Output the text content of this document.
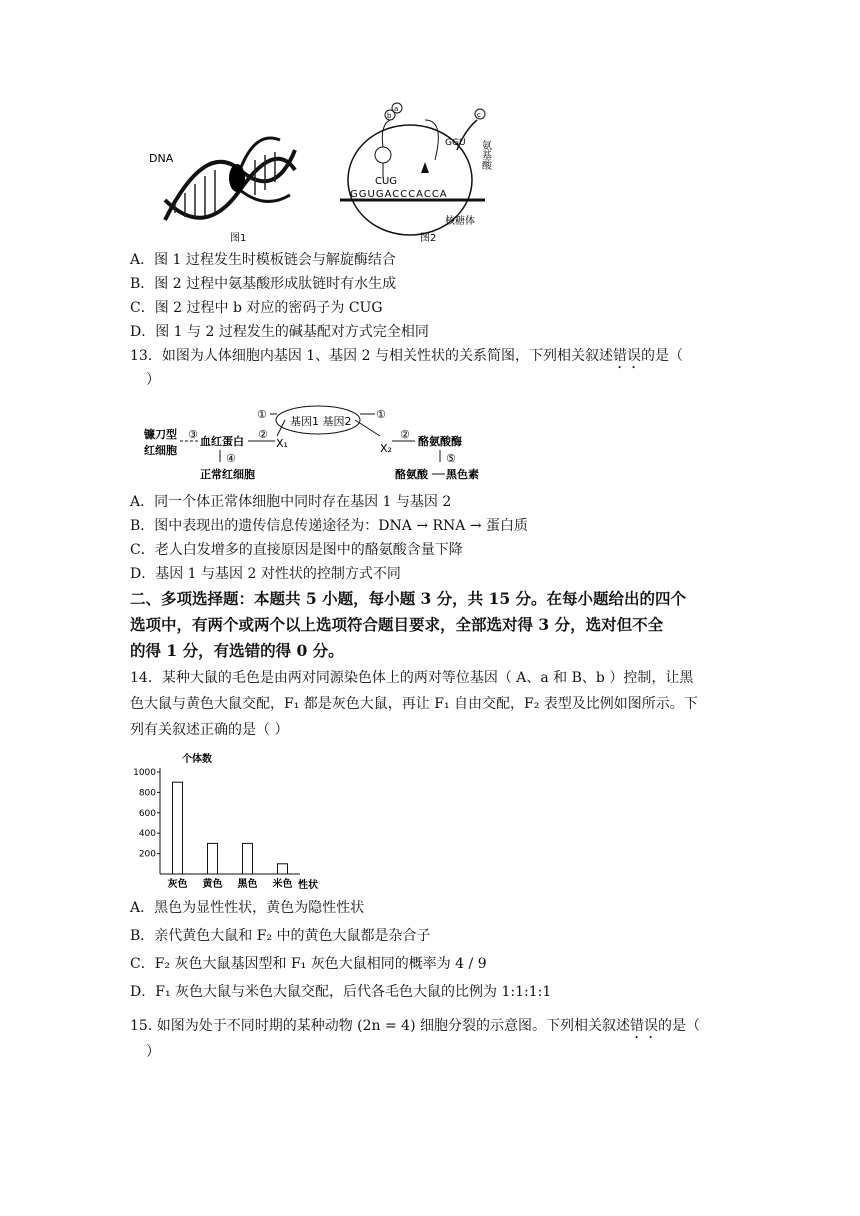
DNA
图1
a
b	c
CUG
GGUGACCCACCA
GGU 氨基酸
核糖体
图2
A．图 1 过程发生时模板链会与解旋酶结合
B．图 2 过程中氨基酸形成肽链时有水生成
C．图 2 过程中 b 对应的密码子为 CUG
D．图 1 与 2 过程发生的碱基配对方式完全相同
13．如图为人体细胞内基因 1、基因 2 与相关性状的关系简图，下列相关叙述错误的是（
）
基因1 基因2
①	①
X₁	X₂
②
血红蛋白
③
镰刀型
红细胞
④
正常红细胞
②
酪氨酸酶
⑤
酪氨酸 黑色素
A．同一个体正常体细胞中同时存在基因 1 与基因 2
B．图中表现出的遗传信息传递途径为：DNA → RNA → 蛋白质
C．老人白发增多的直接原因是图中的酪氨酸含量下降
D．基因 1 与基因 2 对性状的控制方式不同
二、多项选择题：本题共 5 小题，每小题 3 分，共 15 分。在每小题给出的四个
选项中，有两个或两个以上选项符合题目要求，全部选对得 3 分，选对但不全
的得 1 分，有选错的得 0 分。
14．某种大鼠的毛色是由两对同源染色体上的两对等位基因（ A、a 和 B、b ）控制，让黑
色大鼠与黄色大鼠交配，F₁ 都是灰色大鼠，再让 F₁ 自由交配，F₂ 表型及比例如图所示。下
列有关叙述正确的是（ ）
个体数
性状
200
400
600
800
1000
灰色 黄色 黑色 米色
A．黑色为显性性状，黄色为隐性性状
B．亲代黄色大鼠和 F₂ 中的黄色大鼠都是杂合子
C．F₂ 灰色大鼠基因型和 F₁ 灰色大鼠相同的概率为 4 / 9
D．F₁ 灰色大鼠与米色大鼠交配，后代各毛色大鼠的比例为 1:1:1:1
15. 如图为处于不同时期的某种动物 (2n = 4) 细胞分裂的示意图。下列相关叙述错误的是（
）
